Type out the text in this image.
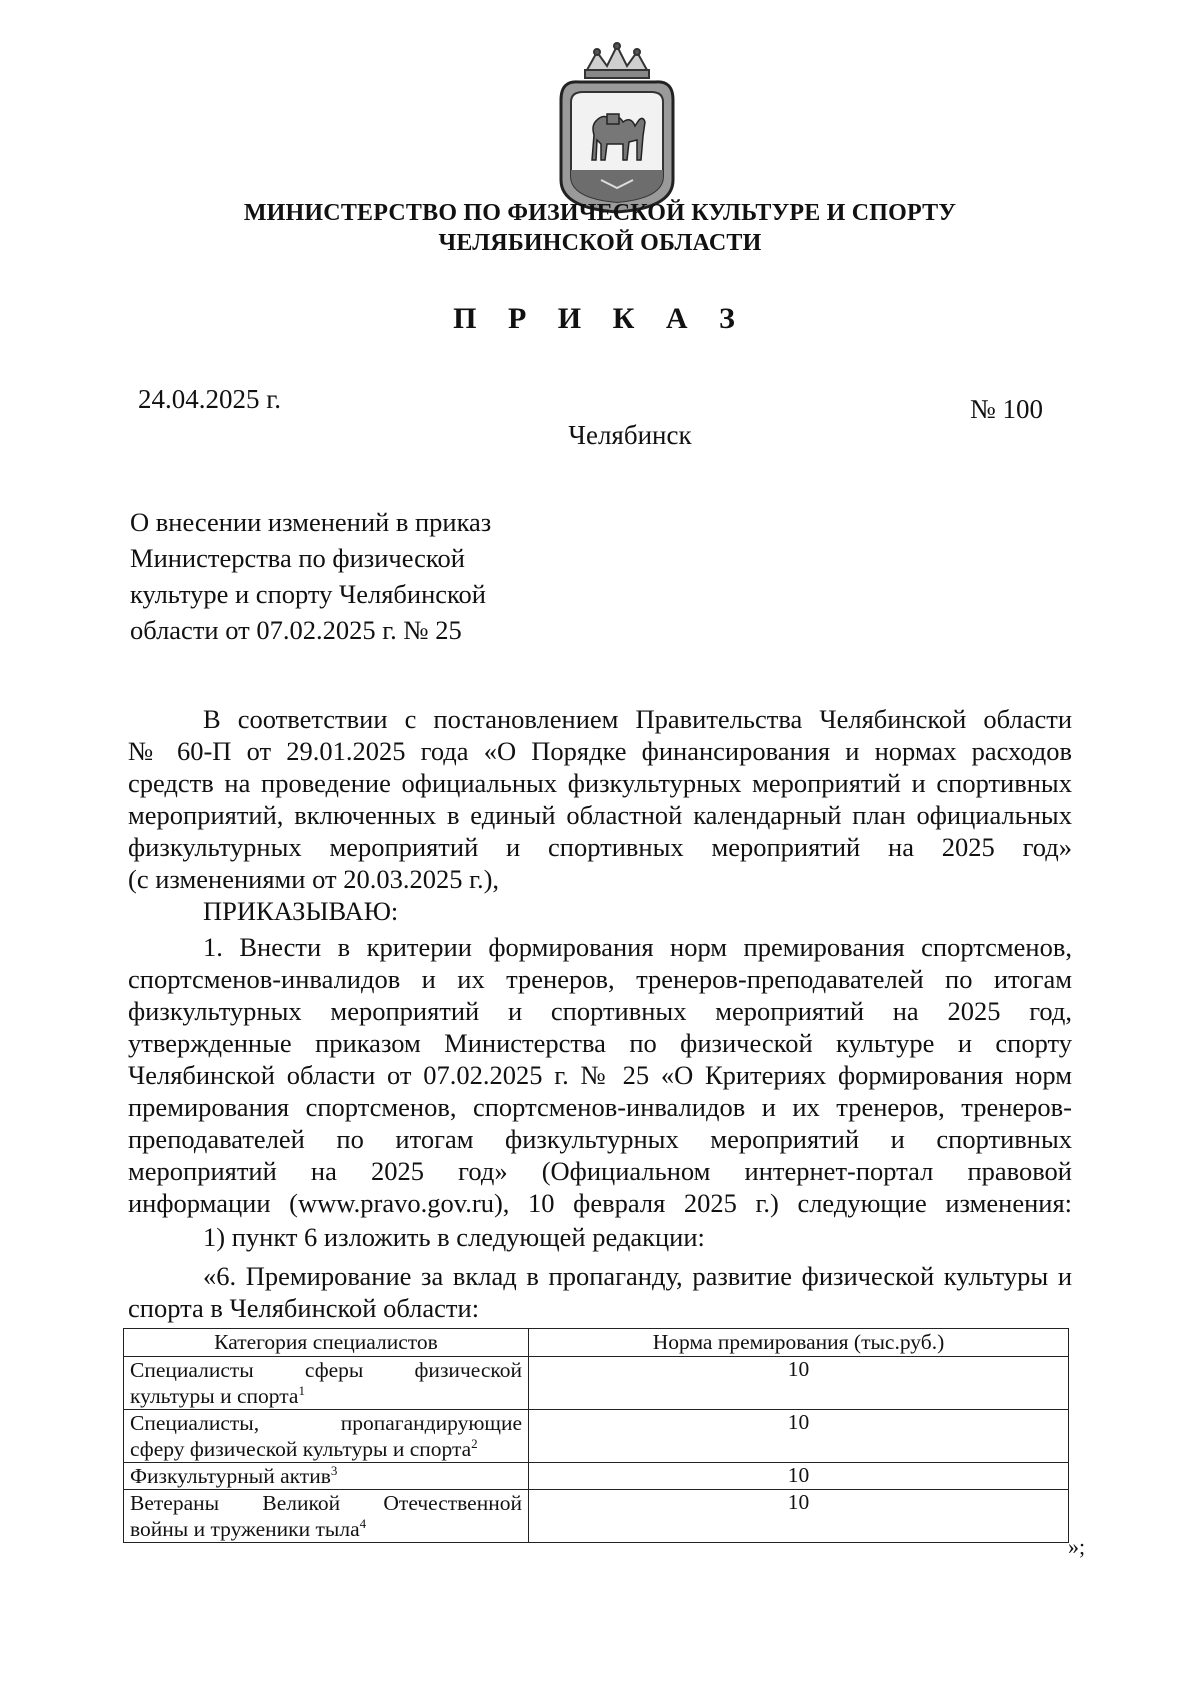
МИНИСТЕРСТВО ПО ФИЗИЧЕСКОЙ КУЛЬТУРЕ И СПОРТУ
ЧЕЛЯБИНСКОЙ ОБЛАСТИ
П Р И К А З
24.04.2025 г.	№ 100
Челябинск
О внесении изменений в приказ
Министерства по физической
культуре и спорту Челябинской
области от 07.02.2025 г. № 25
В соответствии с постановлением Правительства Челябинской области
№ 60-П от 29.01.2025 года «О Порядке финансирования и нормах расходов
средств на проведение официальных физкультурных мероприятий и спортивных
мероприятий, включенных в единый областной календарный план официальных
физкультурных мероприятий и спортивных мероприятий на 2025 год»
(с изменениями от 20.03.2025 г.),
ПРИКАЗЫВАЮ:
1. Внести в критерии формирования норм премирования спортсменов,
спортсменов-инвалидов и их тренеров, тренеров-преподавателей по итогам
физкультурных мероприятий и спортивных мероприятий на 2025 год,
утвержденные приказом Министерства по физической культуре и спорту
Челябинской области от 07.02.2025 г. № 25 «О Критериях формирования норм
премирования спортсменов, спортсменов-инвалидов и их тренеров, тренеров-
преподавателей по итогам физкультурных мероприятий и спортивных
мероприятий на 2025 год» (Официальном интернет-портал правовой
информации (www.pravo.gov.ru), 10 февраля 2025 г.) следующие изменения:
1) пункт 6 изложить в следующей редакции:
«6. Премирование за вклад в пропаганду, развитие физической культуры и
спорта в Челябинской области:
Категория специалистов	Норма премирования (тыс.руб.)

Специалисты сферы физической
культуры и спорта$^1$	10

Специалисты, пропагандирующие
сферу физической культуры и спорта$^2$	10

Физкультурный актив$^3$	10

Ветераны Великой Отечественной
войны и труженики тыла$^4$	10
»;
